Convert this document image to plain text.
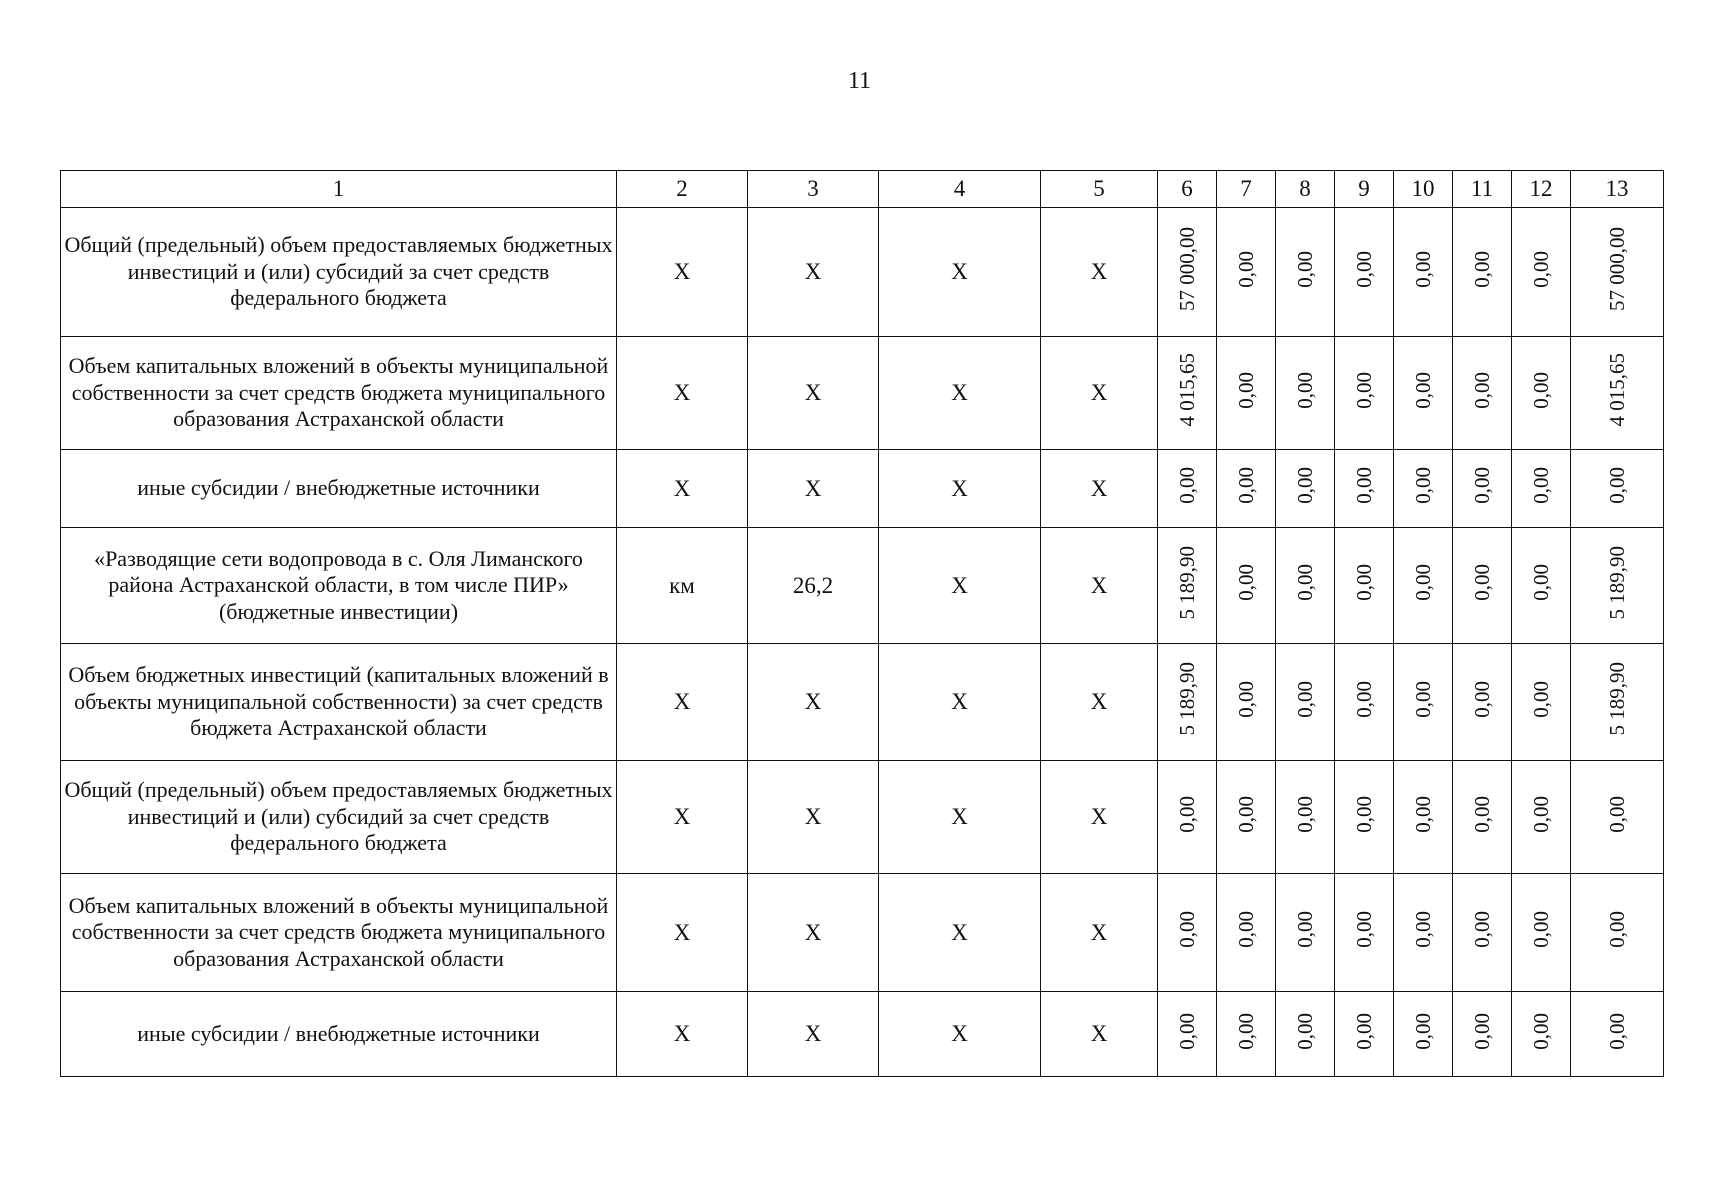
11
1	2	3	4	5	6	7	8	9	10	11	12	13
Общий (предельный) объем предоставляемых бюджетных инвестиций и (или) субсидий за счет средств федерального бюджета	X	X	X	X	57 000,00	0,00	0,00	0,00	0,00	0,00	0,00	57 000,00
Объем капитальных вложений в объекты муниципальной собственности за счет средств бюджета муниципального образования Астраханской области	X	X	X	X	4 015,65	0,00	0,00	0,00	0,00	0,00	0,00	4 015,65
иные субсидии / внебюджетные источники	X	X	X	X	0,00	0,00	0,00	0,00	0,00	0,00	0,00	0,00
«Разводящие сети водопровода в с. Оля Лиманского района Астраханской области, в том числе ПИР» (бюджетные инвестиции)	км	26,2	X	X	5 189,90	0,00	0,00	0,00	0,00	0,00	0,00	5 189,90
Объем бюджетных инвестиций (капитальных вложений в объекты муниципальной собственности) за счет средств бюджета Астраханской области	X	X	X	X	5 189,90	0,00	0,00	0,00	0,00	0,00	0,00	5 189,90
Общий (предельный) объем предоставляемых бюджетных инвестиций и (или) субсидий за счет средств федерального бюджета	X	X	X	X	0,00	0,00	0,00	0,00	0,00	0,00	0,00	0,00
Объем капитальных вложений в объекты муниципальной собственности за счет средств бюджета муниципального образования Астраханской области	X	X	X	X	0,00	0,00	0,00	0,00	0,00	0,00	0,00	0,00
иные субсидии / внебюджетные источники	X	X	X	X	0,00	0,00	0,00	0,00	0,00	0,00	0,00	0,00
